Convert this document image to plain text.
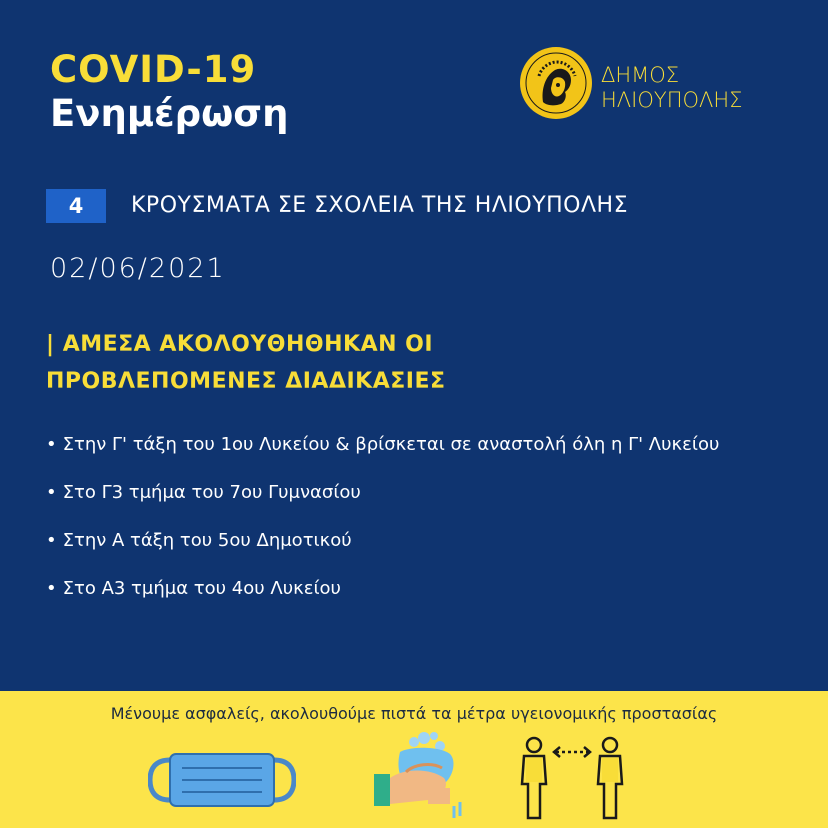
COVID-19
Ενημέρωση
ΔΗΜΟΣ
ΗΛΙΟΥΠΟΛΗΣ
4	ΚΡΟΥΣΜΑΤΑ ΣΕ ΣΧΟΛΕΙΑ ΤΗΣ ΗΛΙΟΥΠΟΛΗΣ
02/06/2021
| ΑΜΕΣΑ ΑΚΟΛΟΥΘΗΘΗΚΑΝ ΟΙ
ΠΡΟΒΛΕΠΟΜΕΝΕΣ ΔΙΑΔΙΚΑΣΙΕΣ
• Στην Γ' τάξη του 1ου Λυκείου & βρίσκεται σε αναστολή όλη η Γ' Λυκείου
• Στο Γ3 τμήμα του 7ου Γυμνασίου
• Στην Α τάξη του 5ου Δημοτικού
• Στο Α3 τμήμα του 4ου Λυκείου
Μένουμε ασφαλείς, ακολουθούμε πιστά τα μέτρα υγειονομικής προστασίας
